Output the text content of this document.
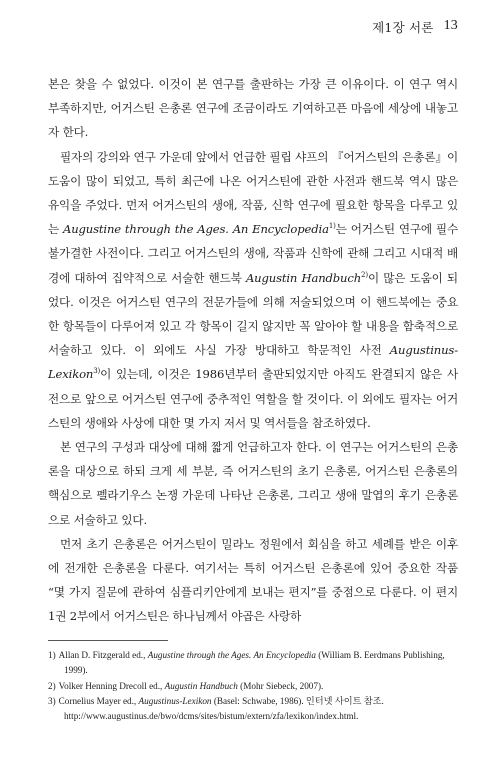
제1장 서론 13

본은 찾을 수 없었다. 이것이 본 연구를 출판하는 가장 큰 이유이다. 이 연구 역시 부족하지만, 어거스틴 은총론 연구에 조금이라도 기여하고픈 마음에 세상에 내놓고자 한다.

필자의 강의와 연구 가운데 앞에서 언급한 필립 샤프의 『어거스틴의 은총론』이 도움이 많이 되었고, 특히 최근에 나온 어거스틴에 관한 사전과 핸드북 역시 많은 유익을 주었다. 먼저 어거스틴의 생애, 작품, 신학 연구에 필요한 항목을 다루고 있는 Augustine through the Ages. An Encyclopedia$^{1)}$는 어거스틴 연구에 필수불가결한 사전이다. 그리고 어거스틴의 생애, 작품과 신학에 관해 그리고 시대적 배경에 대하여 집약적으로 서술한 핸드북 Augustin Handbuch$^{2)}$이 많은 도움이 되었다. 이것은 어거스틴 연구의 전문가들에 의해 저술되었으며 이 핸드북에는 중요한 항목들이 다루어져 있고 각 항목이 길지 않지만 꼭 알아야 할 내용을 함축적으로 서술하고 있다. 이 외에도 사실 가장 방대하고 학문적인 사전 Augustinus-Lexikon$^{3)}$이 있는데, 이것은 1986년부터 출판되었지만 아직도 완결되지 않은 사전으로 앞으로 어거스틴 연구에 중추적인 역할을 할 것이다. 이 외에도 필자는 어거스틴의 생애와 사상에 대한 몇 가지 저서 및 역서들을 참조하였다.

본 연구의 구성과 대상에 대해 짧게 언급하고자 한다. 이 연구는 어거스틴의 은총론을 대상으로 하되 크게 세 부분, 즉 어거스틴의 초기 은총론, 어거스틴 은총론의 핵심으로 펠라기우스 논쟁 가운데 나타난 은총론, 그리고 생애 말엽의 후기 은총론으로 서술하고 있다.

먼저 초기 은총론은 어거스틴이 밀라노 정원에서 회심을 하고 세례를 받은 이후에 전개한 은총론을 다룬다. 여기서는 특히 어거스틴 은총론에 있어 중요한 작품 “몇 가지 질문에 관하여 심플리키안에게 보내는 편지”를 중점으로 다룬다. 이 편지 1권 2부에서 어거스틴은 하나님께서 야곱은 사랑하

1) Allan D. Fitzgerald ed., Augustine through the Ages. An Encyclopedia (William B. Eerdmans Publishing, 1999).

2) Volker Henning Drecoll ed., Augustin Handbuch (Mohr Siebeck, 2007).

3) Cornelius Mayer ed., Augustinus-Lexikon (Basel: Schwabe, 1986). 인터넷 사이트 참조. http://www.augustinus.de/bwo/dcms/sites/bistum/extern/zfa/lexikon/index.html.
